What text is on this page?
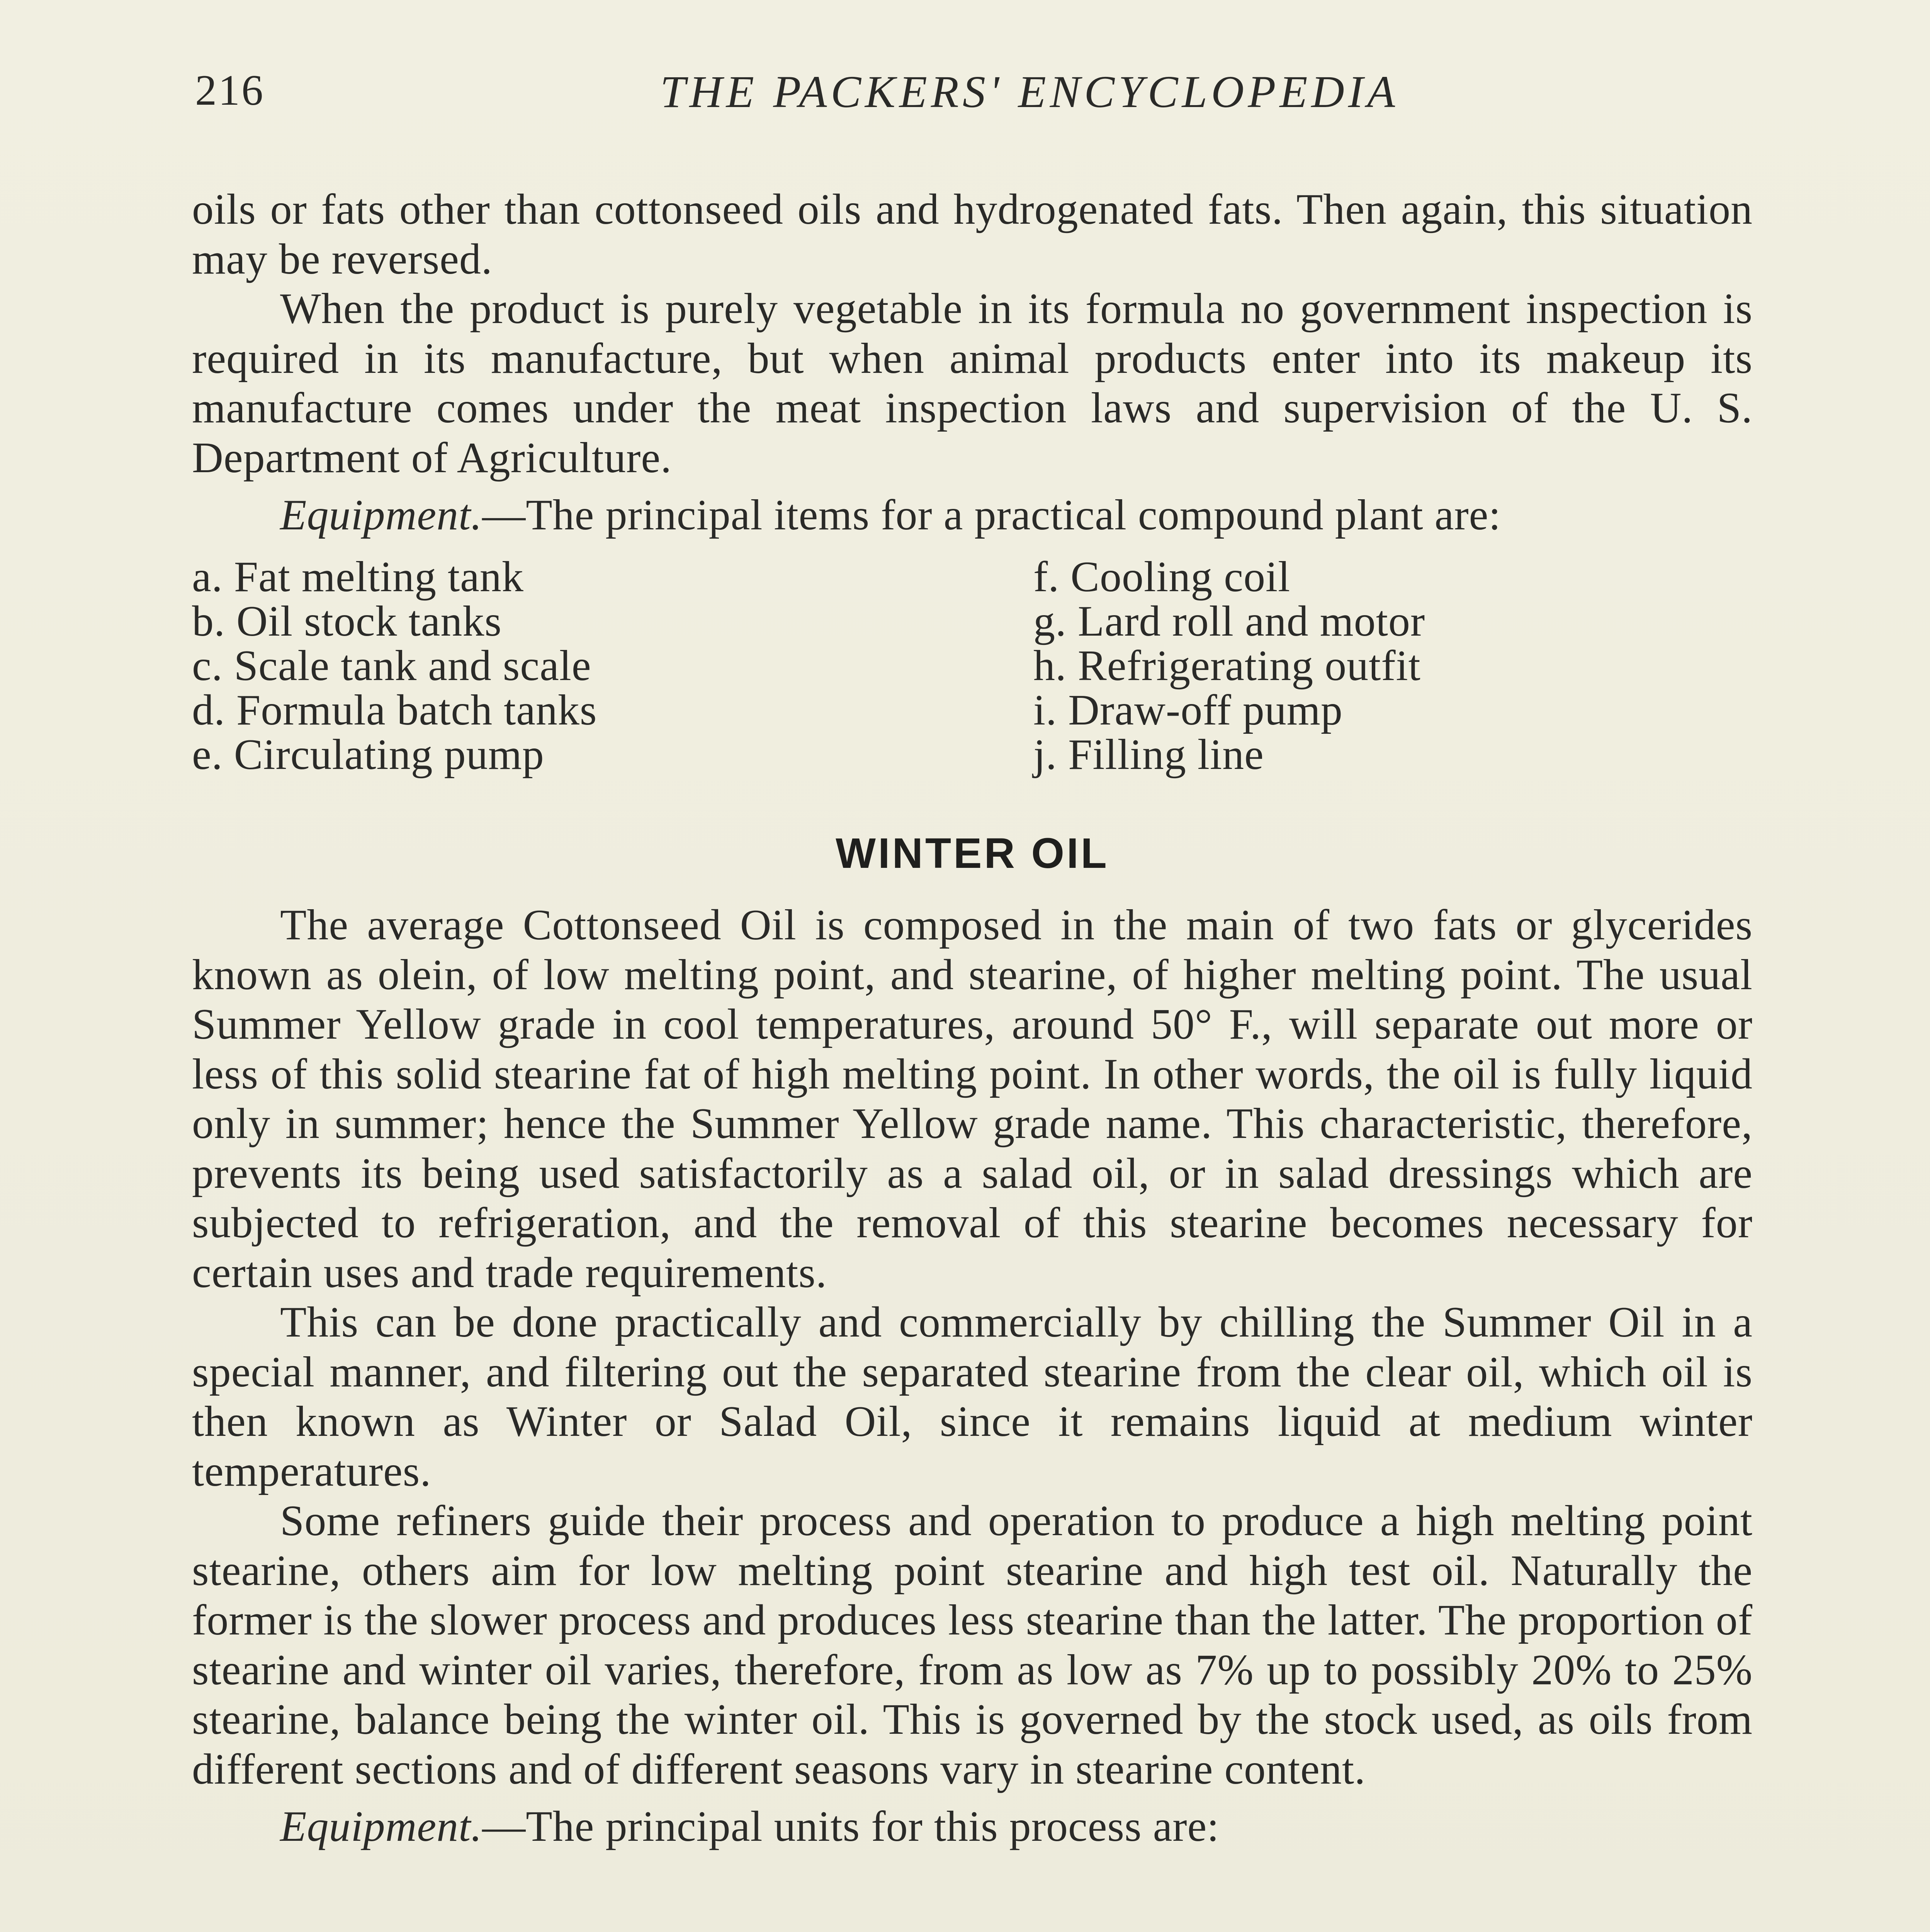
216	THE PACKERS' ENCYCLOPEDIA

oils or fats other than cottonseed oils and hydrogenated fats. Then again, this situation may be reversed.

When the product is purely vegetable in its formula no government inspection is required in its manufacture, but when animal products enter into its makeup its manufacture comes under the meat inspection laws and supervision of the U. S. Department of Agriculture.

Equipment.—The principal items for a practical compound plant are:

a. Fat melting tank
b. Oil stock tanks
c. Scale tank and scale
d. Formula batch tanks
e. Circulating pump
f. Cooling coil
g. Lard roll and motor
h. Refrigerating outfit
i. Draw-off pump
j. Filling line
WINTER OIL

The average Cottonseed Oil is composed in the main of two fats or glycerides known as olein, of low melting point, and stearine, of higher melting point. The usual Summer Yellow grade in cool temperatures, around 50° F., will separate out more or less of this solid stearine fat of high melting point. In other words, the oil is fully liquid only in summer; hence the Summer Yellow grade name. This characteristic, therefore, prevents its being used satisfactorily as a salad oil, or in salad dressings which are subjected to refrigeration, and the removal of this stearine becomes necessary for certain uses and trade requirements.

This can be done practically and commercially by chilling the Summer Oil in a special manner, and filtering out the separated stearine from the clear oil, which oil is then known as Winter or Salad Oil, since it remains liquid at medium winter temperatures.

Some refiners guide their process and operation to produce a high melting point stearine, others aim for low melting point stearine and high test oil. Naturally the former is the slower process and produces less stearine than the latter. The proportion of stearine and winter oil varies, therefore, from as low as 7% up to possibly 20% to 25% stearine, balance being the winter oil. This is governed by the stock used, as oils from different sections and of different seasons vary in stearine content.

Equipment.—The principal units for this process are:
